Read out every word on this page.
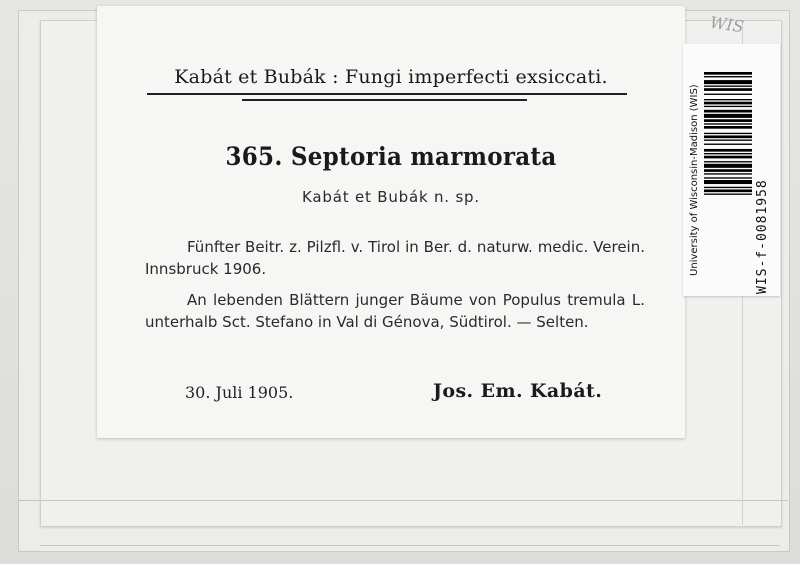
WIS
Kabát et Bubák : Fungi imperfecti exsiccati.
365. Septoria marmorata
Kabát et Bubák n. sp.
Fünfter Beitr. z. Pilzfl. v. Tirol in Ber. d. naturw. medic. Verein. Innsbruck 1906.
An lebenden Blättern junger Bäume von Populus tremula L. unterhalb Sct. Stefano in Val di Génova, Südtirol. — Selten.
30. Juli 1905.	Jos. Em. Kabát.
University of Wisconsin-Madison (WIS)	WIS-f-0081958
